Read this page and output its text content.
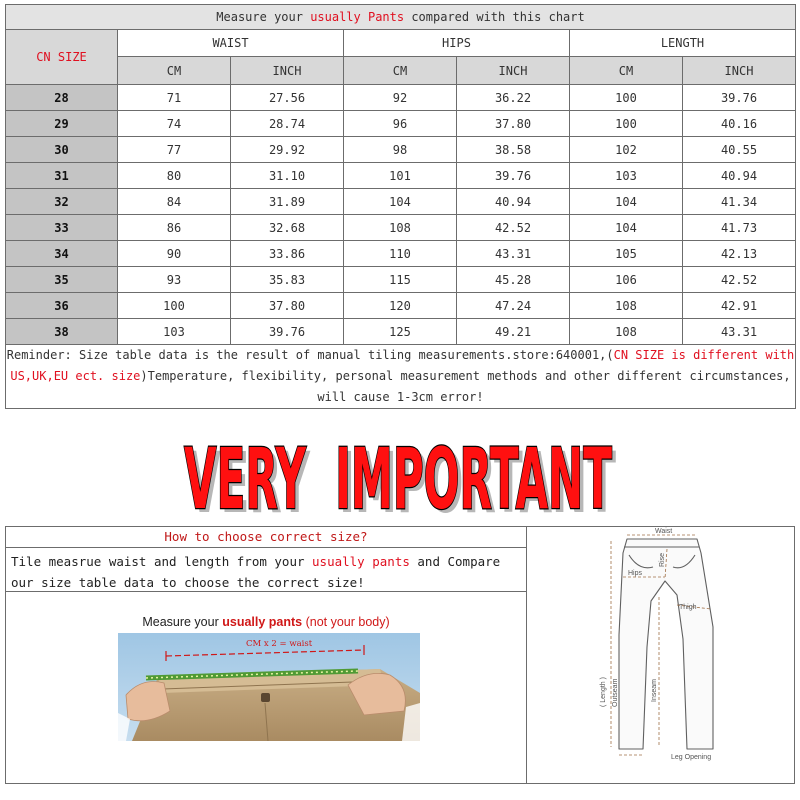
Measure your usually Pants compared with this chart						
CN SIZE	WAIST		HIPS		LENGTH	
	CM	INCH	CM	INCH	CM	INCH
28	71	27.56	92	36.22	100	39.76
29	74	28.74	96	37.80	100	40.16
30	77	29.92	98	38.58	102	40.55
31	80	31.10	101	39.76	103	40.94
32	84	31.89	104	40.94	104	41.34
33	86	32.68	108	42.52	104	41.73
34	90	33.86	110	43.31	105	42.13
35	93	35.83	115	45.28	106	42.52
36	100	37.80	120	47.24	108	42.91
38	103	39.76	125	49.21	108	43.31
Reminder: Size table data is the result of manual tiling measurements.store:640001,(CN SIZE is different with US,UK,EU ect. size)Temperature, flexibility, personal measurement methods and other different circumstances, will cause 1-3cm error!						
VERY  IMPORTANT
VERY  IMPORTANT
How to choose correct size?
Tile measrue waist and length from your usually pants and Compare our size table data to choose the correct size!
Measure your usually pants (not your body)
CM x 2 = waist
Waist
Hips
Rise
Thigh
( Length ) Outseam	Inseam
Leg Opening
